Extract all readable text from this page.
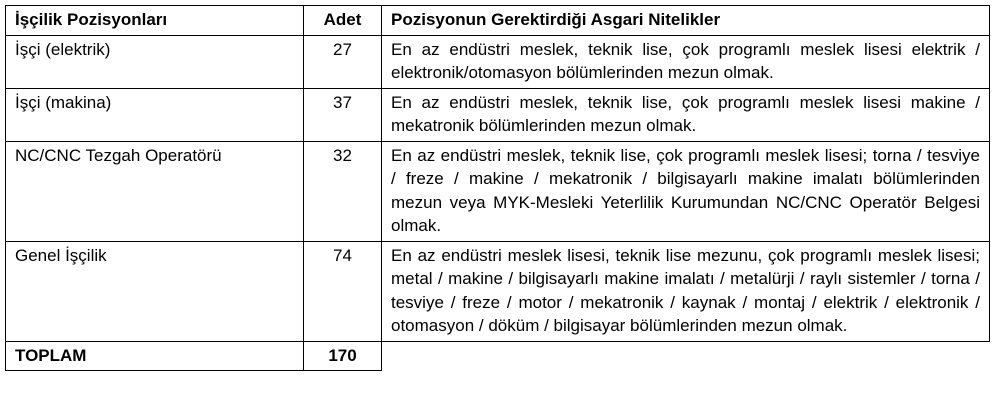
İşçilik Pozisyonları	Adet	Pozisyonun Gerektirdiği Asgari Nitelikler
İşçi (elektrik)	27	En az endüstri meslek, teknik lise, çok programlı meslek lisesi elektrik / elektronik/otomasyon bölümlerinden mezun olmak.
İşçi (makina)	37	En az endüstri meslek, teknik lise, çok programlı meslek lisesi makine / mekatronik bölümlerinden mezun olmak.
NC/CNC Tezgah Operatörü	32	En az endüstri meslek, teknik lise, çok programlı meslek lisesi; torna / tesviye / freze / makine / mekatronik / bilgisayarlı makine imalatı bölümlerinden mezun veya MYK-Mesleki Yeterlilik Kurumundan NC/CNC Operatör Belgesi olmak.
Genel İşçilik	74	En az endüstri meslek lisesi, teknik lise mezunu, çok programlı meslek lisesi; metal / makine / bilgisayarlı makine imalatı / metalürji / raylı sistemler / torna / tesviye / freze / motor / mekatronik / kaynak / montaj / elektrik / elektronik / otomasyon / döküm / bilgisayar bölümlerinden mezun olmak.
TOPLAM	170	
